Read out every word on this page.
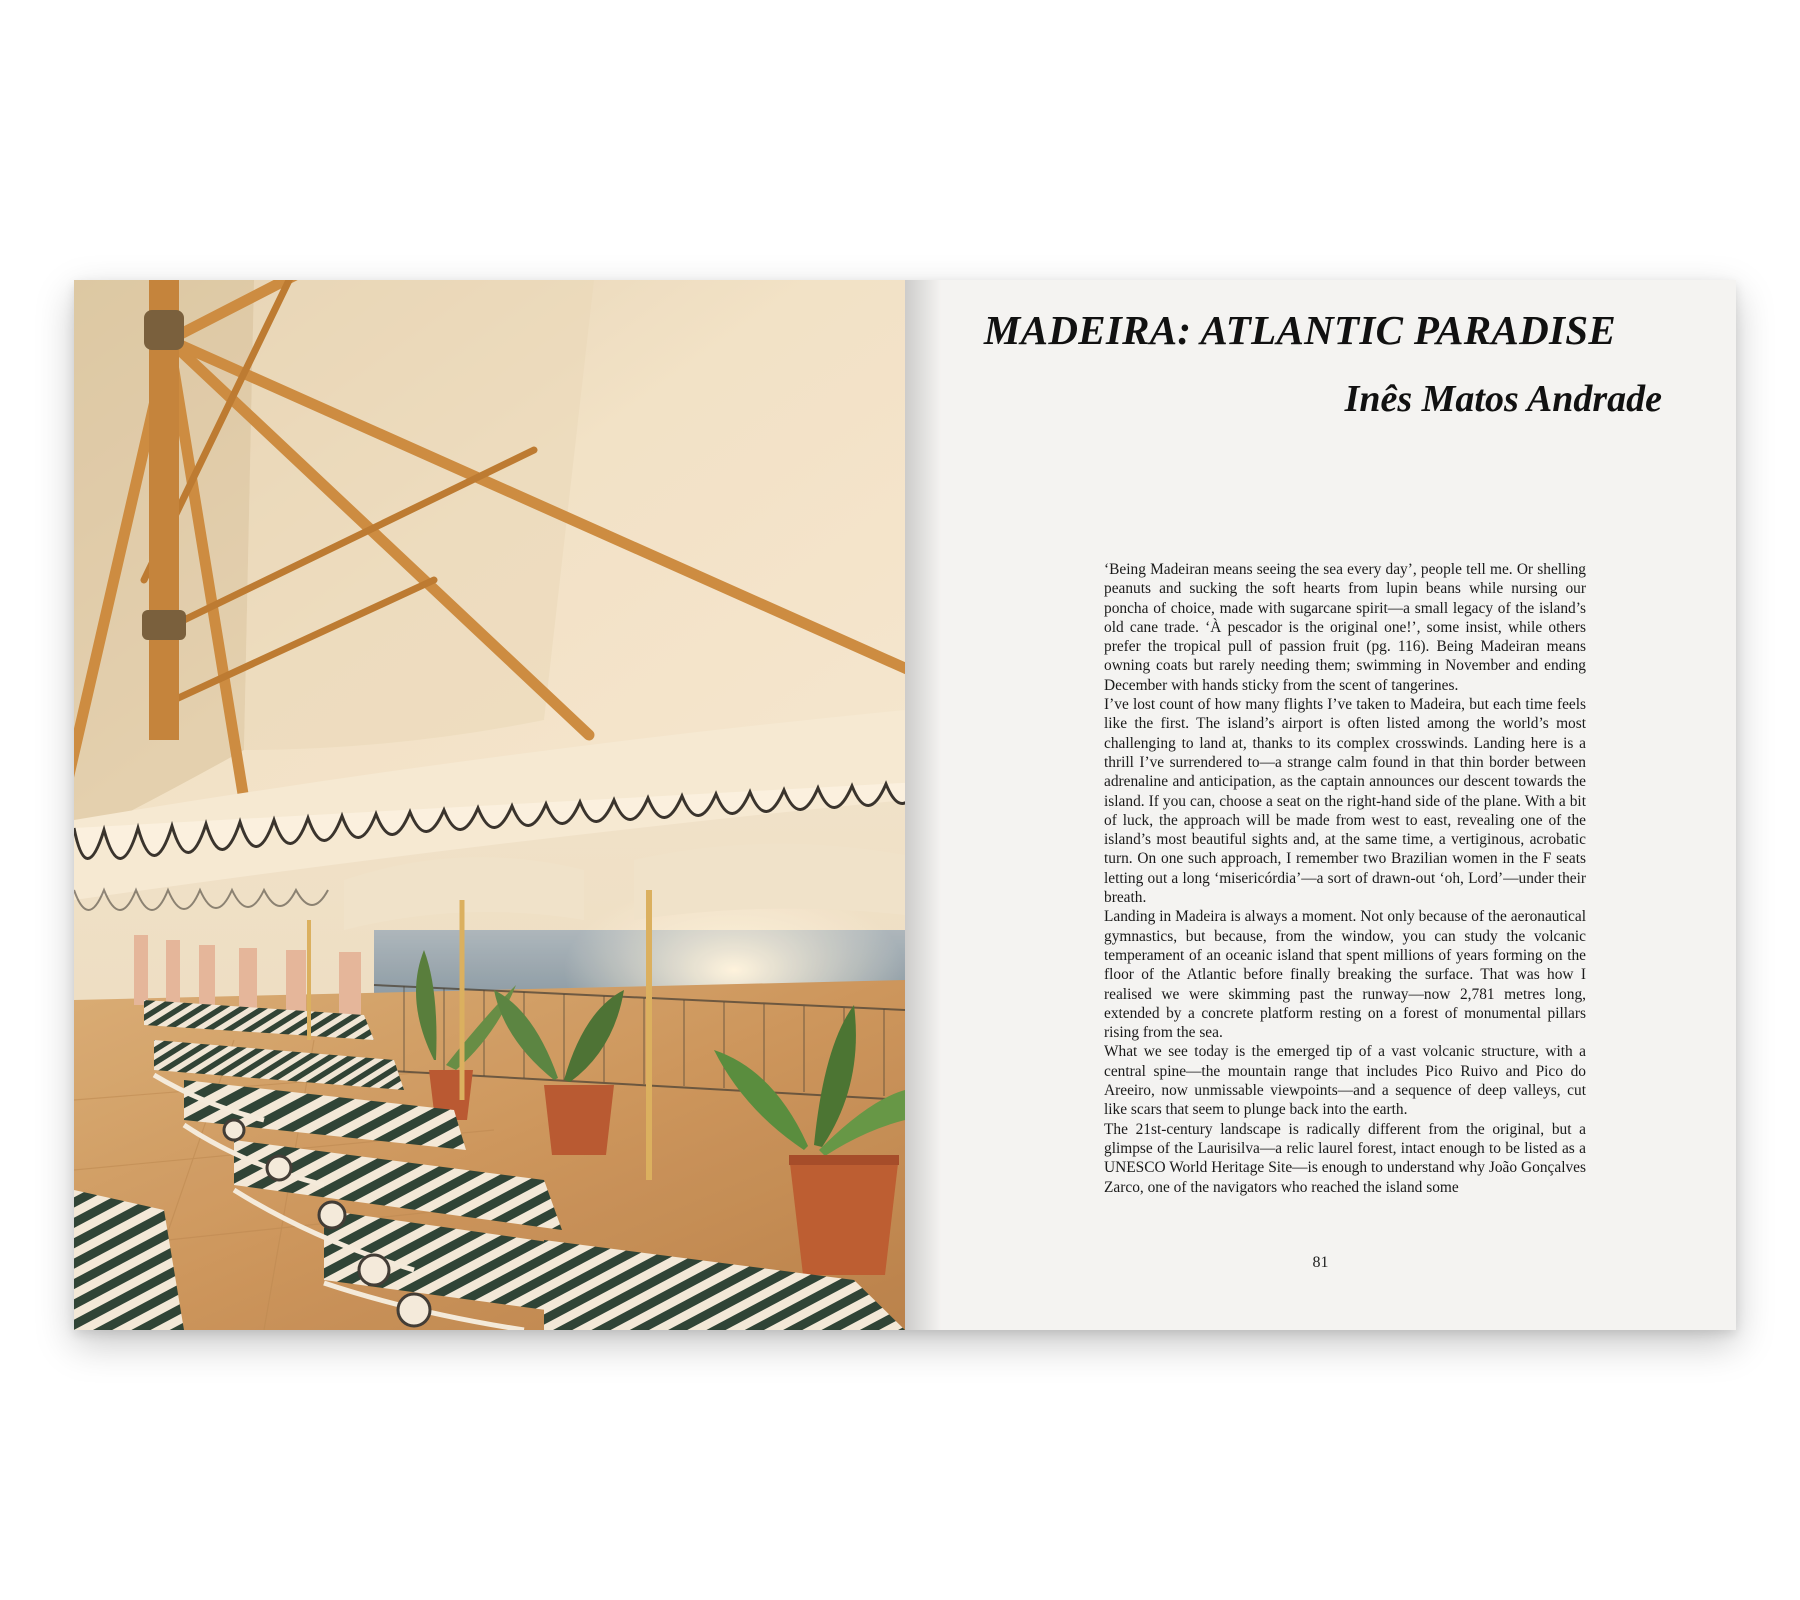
MADEIRA: ATLANTIC PARADISE
Inês Matos Andrade

‘Being Madeiran means seeing the sea every day’, people tell me. Or shelling peanuts and sucking the soft hearts from lupin beans while nursing our poncha of choice, made with sugarcane spirit—a small legacy of the island’s old cane trade. ‘À pescador is the original one!’, some insist, while others prefer the tropical pull of passion fruit (pg. 116). Being Madeiran means owning coats but rarely needing them; swimming in November and ending December with hands sticky from the scent of tangerines.

I’ve lost count of how many flights I’ve taken to Madeira, but each time feels like the first. The island’s airport is often listed among the world’s most challenging to land at, thanks to its complex crosswinds. Landing here is a thrill I’ve surrendered to—a strange calm found in that thin border between adrenaline and anticipation, as the captain announces our descent towards the island. If you can, choose a seat on the right-hand side of the plane. With a bit of luck, the approach will be made from west to east, revealing one of the island’s most beautiful sights and, at the same time, a vertiginous, acrobatic turn. On one such approach, I remember two Brazilian women in the F seats letting out a long ‘misericórdia’—a sort of drawn-out ‘oh, Lord’—under their breath.

Landing in Madeira is always a moment. Not only because of the aeronautical gymnastics, but because, from the window, you can study the volcanic temperament of an oceanic island that spent millions of years forming on the floor of the Atlantic before finally breaking the surface. That was how I realised we were skimming past the runway—now 2,781 metres long, extended by a concrete platform resting on a forest of monumental pillars rising from the sea.

What we see today is the emerged tip of a vast volcanic structure, with a central spine—the mountain range that includes Pico Ruivo and Pico do Areeiro, now unmissable viewpoints—and a sequence of deep valleys, cut like scars that seem to plunge back into the earth.

The 21st-century landscape is radically different from the original, but a glimpse of the Laurisilva—a relic laurel forest, intact enough to be listed as a UNESCO World Heritage Site—is enough to understand why João Gonçalves Zarco, one of the navigators who reached the island some

81
